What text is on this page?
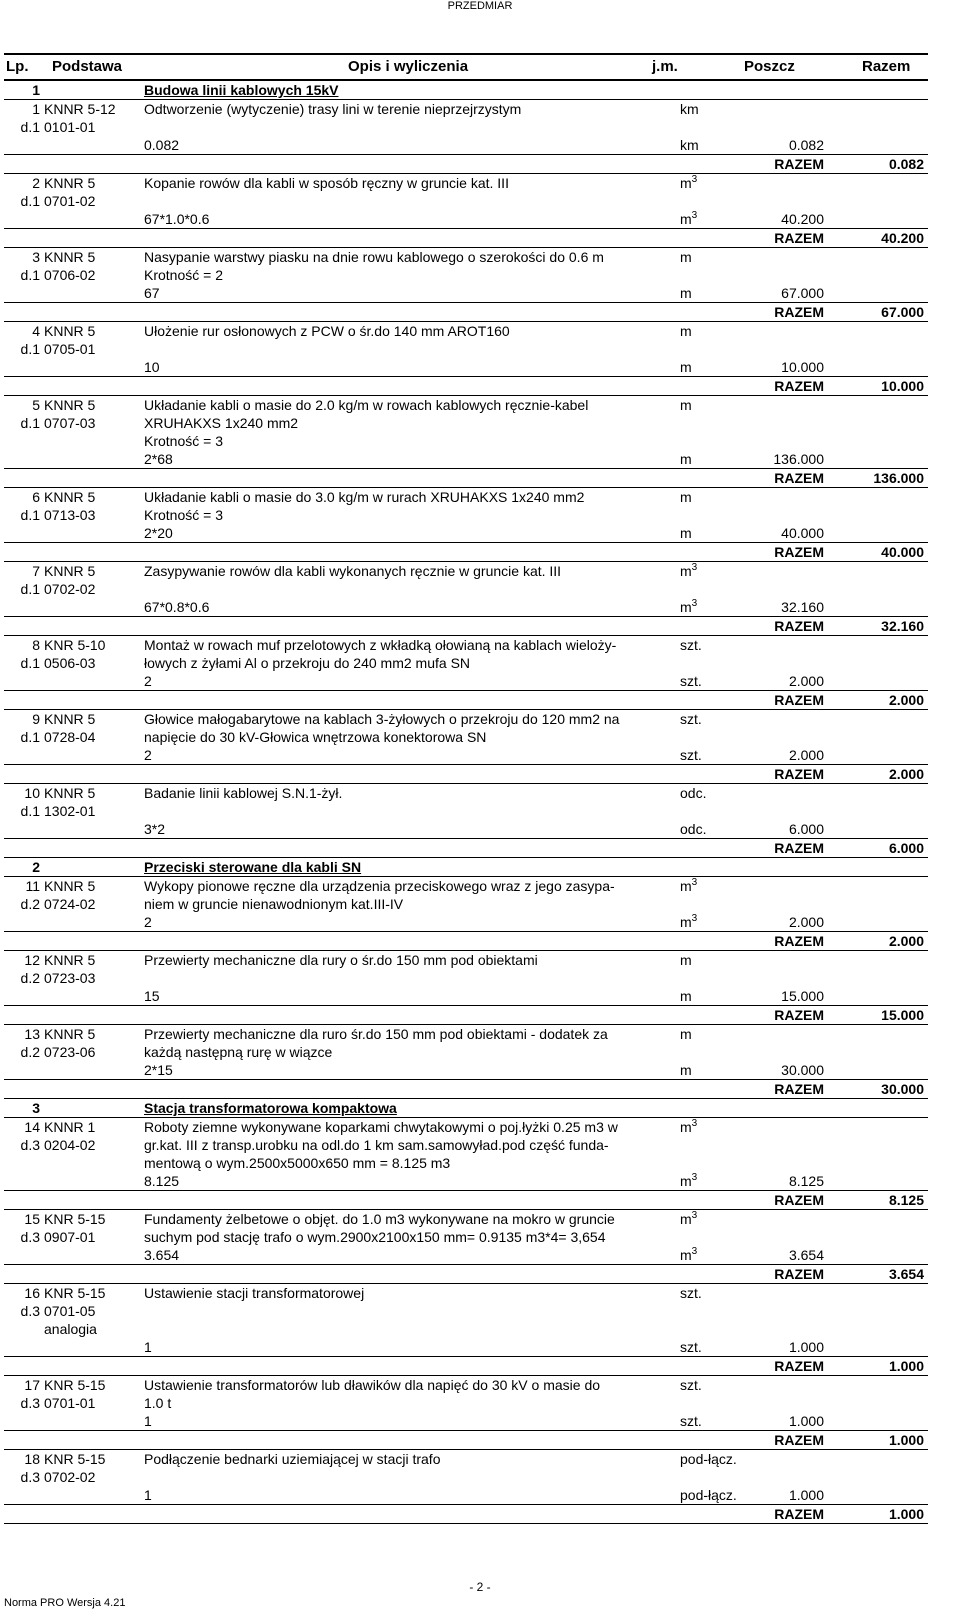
PRZEDMIAR
Lp. Podstawa	Opis i wyliczenia	j.m.	Poszcz	Razem
1	Budowa linii kablowych 15kV
1 KNNR 5-12	Odtworzenie (wytyczenie) trasy lini w terenie nieprzejrzystym	km
d.1 0101-01
0.082	km	0.082
RAZEM	0.082
2 KNNR 5	Kopanie rowów dla kabli w sposób ręczny w gruncie kat. III	$m^3$
d.1 0701-02
67*1.0*0.6	$m^3$	40.200
RAZEM	40.200
3 KNNR 5	Nasypanie warstwy piasku na dnie rowu kablowego o szerokości do 0.6 m	m
d.1 0706-02	Krotność = 2
67	m	67.000
RAZEM	67.000
4 KNNR 5	Ułożenie rur osłonowych z PCW o śr.do 140 mm AROT160	m
d.1 0705-01
10	m	10.000
RAZEM	10.000
5 KNNR 5	Układanie kabli o masie do 2.0 kg/m w rowach kablowych ręcznie-kabel	m
d.1 0707-03	XRUHAKXS 1x240 mm2
Krotność = 3
2*68	m	136.000
RAZEM	136.000
6 KNNR 5	Układanie kabli o masie do 3.0 kg/m w rurach XRUHAKXS 1x240 mm2	m
d.1 0713-03	Krotność = 3
2*20	m	40.000
RAZEM	40.000
7 KNNR 5	Zasypywanie rowów dla kabli wykonanych ręcznie w gruncie kat. III	$m^3$
d.1 0702-02
67*0.8*0.6	$m^3$	32.160
RAZEM	32.160
8 KNR 5-10	Montaż w rowach muf przelotowych z wkładką ołowianą na kablach wieloży-	szt.
d.1 0506-03	łowych z żyłami Al o przekroju do 240 mm2 mufa SN
2	szt.	2.000
RAZEM	2.000
9 KNNR 5	Głowice małogabarytowe na kablach 3-żyłowych o przekroju do 120 mm2 na	szt.
d.1 0728-04	napięcie do 30 kV-Głowica wnętrzowa konektorowa SN
2	szt.	2.000
RAZEM	2.000
10 KNNR 5	Badanie linii kablowej S.N.1-żył.	odc.
d.1 1302-01
3*2	odc.	6.000
RAZEM	6.000
2	Przeciski sterowane dla kabli SN
11 KNNR 5	Wykopy pionowe ręczne dla urządzenia przeciskowego wraz z jego zasypa-	$m^3$
d.2 0724-02	niem w gruncie nienawodnionym kat.III-IV
2	$m^3$	2.000
RAZEM	2.000
12 KNNR 5	Przewierty mechaniczne dla rury o śr.do 150 mm pod obiektami	m
d.2 0723-03
15	m	15.000
RAZEM	15.000
13 KNNR 5	Przewierty mechaniczne dla ruro śr.do 150 mm pod obiektami - dodatek za	m
d.2 0723-06	każdą następną rurę w wiązce
2*15	m	30.000
RAZEM	30.000
3	Stacja transformatorowa kompaktowa
14 KNNR 1	Roboty ziemne wykonywane koparkami chwytakowymi o poj.łyżki 0.25 m3 w	$m^3$
d.3 0204-02	gr.kat. III z transp.urobku na odl.do 1 km sam.samowyład.pod część funda-
mentową o wym.2500x5000x650 mm = 8.125 m3
8.125	$m^3$	8.125
RAZEM	8.125
15 KNR 5-15	Fundamenty żelbetowe o objęt. do 1.0 m3 wykonywane na mokro w gruncie	$m^3$
d.3 0907-01	suchym pod stację trafo o wym.2900x2100x150 mm= 0.9135 m3*4= 3,654
3.654	$m^3$	3.654
RAZEM	3.654
16 KNR 5-15	Ustawienie stacji transformatorowej	szt.
d.3 0701-05
analogia
1	szt.	1.000
RAZEM	1.000
17 KNR 5-15	Ustawienie transformatorów lub dławików dla napięć do 30 kV o masie do	szt.
d.3 0701-01	1.0 t
1	szt.	1.000
RAZEM	1.000
18 KNR 5-15	Podłączenie bednarki uziemiającej w stacji trafo	pod-łącz.
d.3 0702-02
1	pod-łącz.	1.000
RAZEM	1.000
- 2 -
Norma PRO Wersja 4.21
